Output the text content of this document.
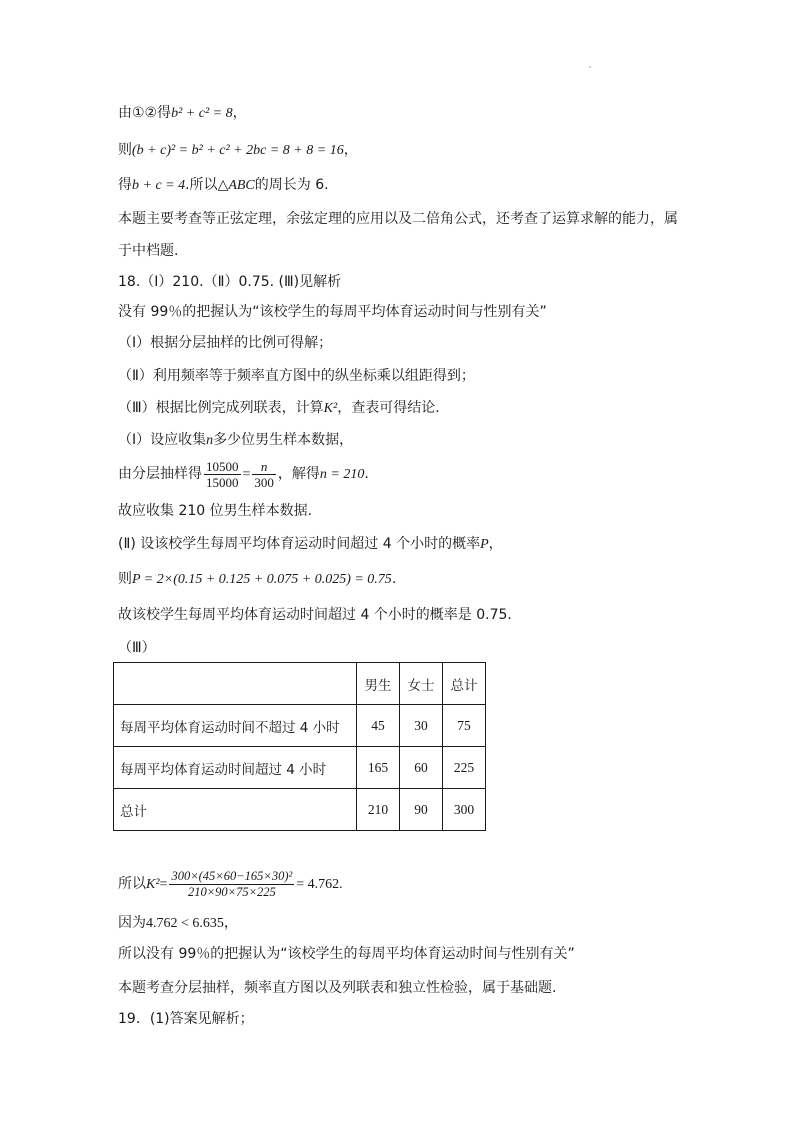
由①②得b² + c² = 8，
则(b + c)² = b² + c² + 2bc = 8 + 8 = 16，
得b + c = 4.所以△ABC的周长为 6.
本题主要考查等正弦定理，余弦定理的应用以及二倍角公式，还考查了运算求解的能力，属
于中档题.
18.（Ⅰ）210.（Ⅱ）0.75. (Ⅲ)见解析
没有 99％的把握认为“该校学生的每周平均体育运动时间与性别有关”
（Ⅰ）根据分层抽样的比例可得解；
（Ⅱ）利用频率等于频率直方图中的纵坐标乘以组距得到；
（Ⅲ）根据比例完成列联表，计算K²，查表可得结论.
（Ⅰ）设应收集n多少位男生样本数据，
由分层抽样得 $\frac{10500}{15000} = \frac{n}{300}$ ，解得n = 210.
故应收集 210 位男生样本数据.
(Ⅱ) 设该校学生每周平均体育运动时间超过 4 个小时的概率P，
则P = 2×(0.15 + 0.125 + 0.075 + 0.025) = 0.75.
故该校学生每周平均体育运动时间超过 4 个小时的概率是 0.75.
（Ⅲ）
	男生	女士	总计
每周平均体育运动时间不超过 4 小时	45	30	75
每周平均体育运动时间超过 4 小时	165	60	225
总计	210	90	300
所以$K^2= \frac{\text{300×(45×60−165×30)²}}{210\times 90\times 75\times 225} = 4.762$.
因为4.762 < 6.635，
所以没有 99％的把握认为“该校学生的每周平均体育运动时间与性别有关”
本题考查分层抽样，频率直方图以及列联表和独立性检验，属于基础题.
19．(1)答案见解析；
